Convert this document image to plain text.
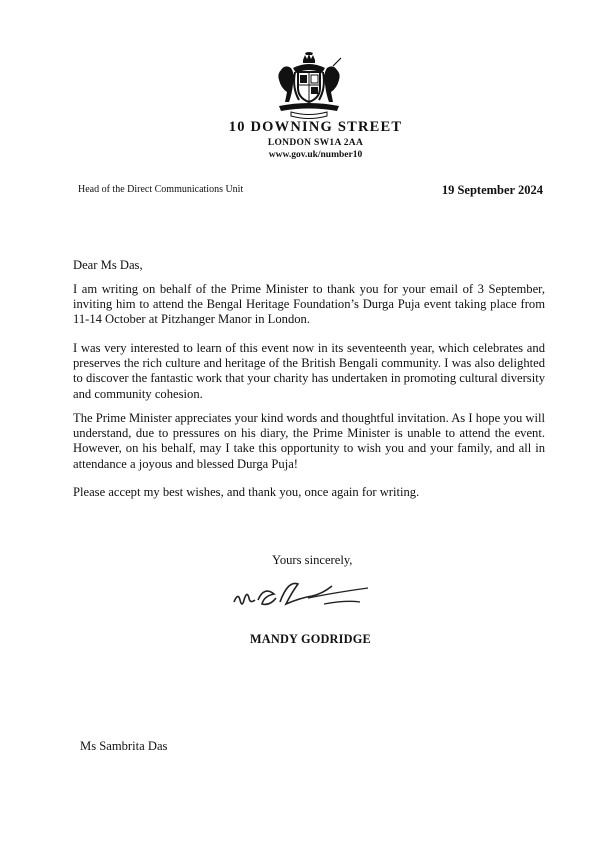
10 DOWNING STREET
LONDON SW1A 2AA
www.gov.uk/number10
Head of the Direct Communications Unit	19 September 2024

Dear Ms Das,

I am writing on behalf of the Prime Minister to thank you for your email of 3 September, inviting him to attend the Bengal Heritage Foundation’s Durga Puja event taking place from 11-14 October at Pitzhanger Manor in London.

I was very interested to learn of this event now in its seventeenth year, which celebrates and preserves the rich culture and heritage of the British Bengali community. I was also delighted to discover the fantastic work that your charity has undertaken in promoting cultural diversity and community cohesion.

The Prime Minister appreciates your kind words and thoughtful invitation. As I hope you will understand, due to pressures on his diary, the Prime Minister is unable to attend the event. However, on his behalf, may I take this opportunity to wish you and your family, and all in attendance a joyous and blessed Durga Puja!

Please accept my best wishes, and thank you, once again for writing.

Yours sincerely,
MANDY GODRIDGE
Ms Sambrita Das
